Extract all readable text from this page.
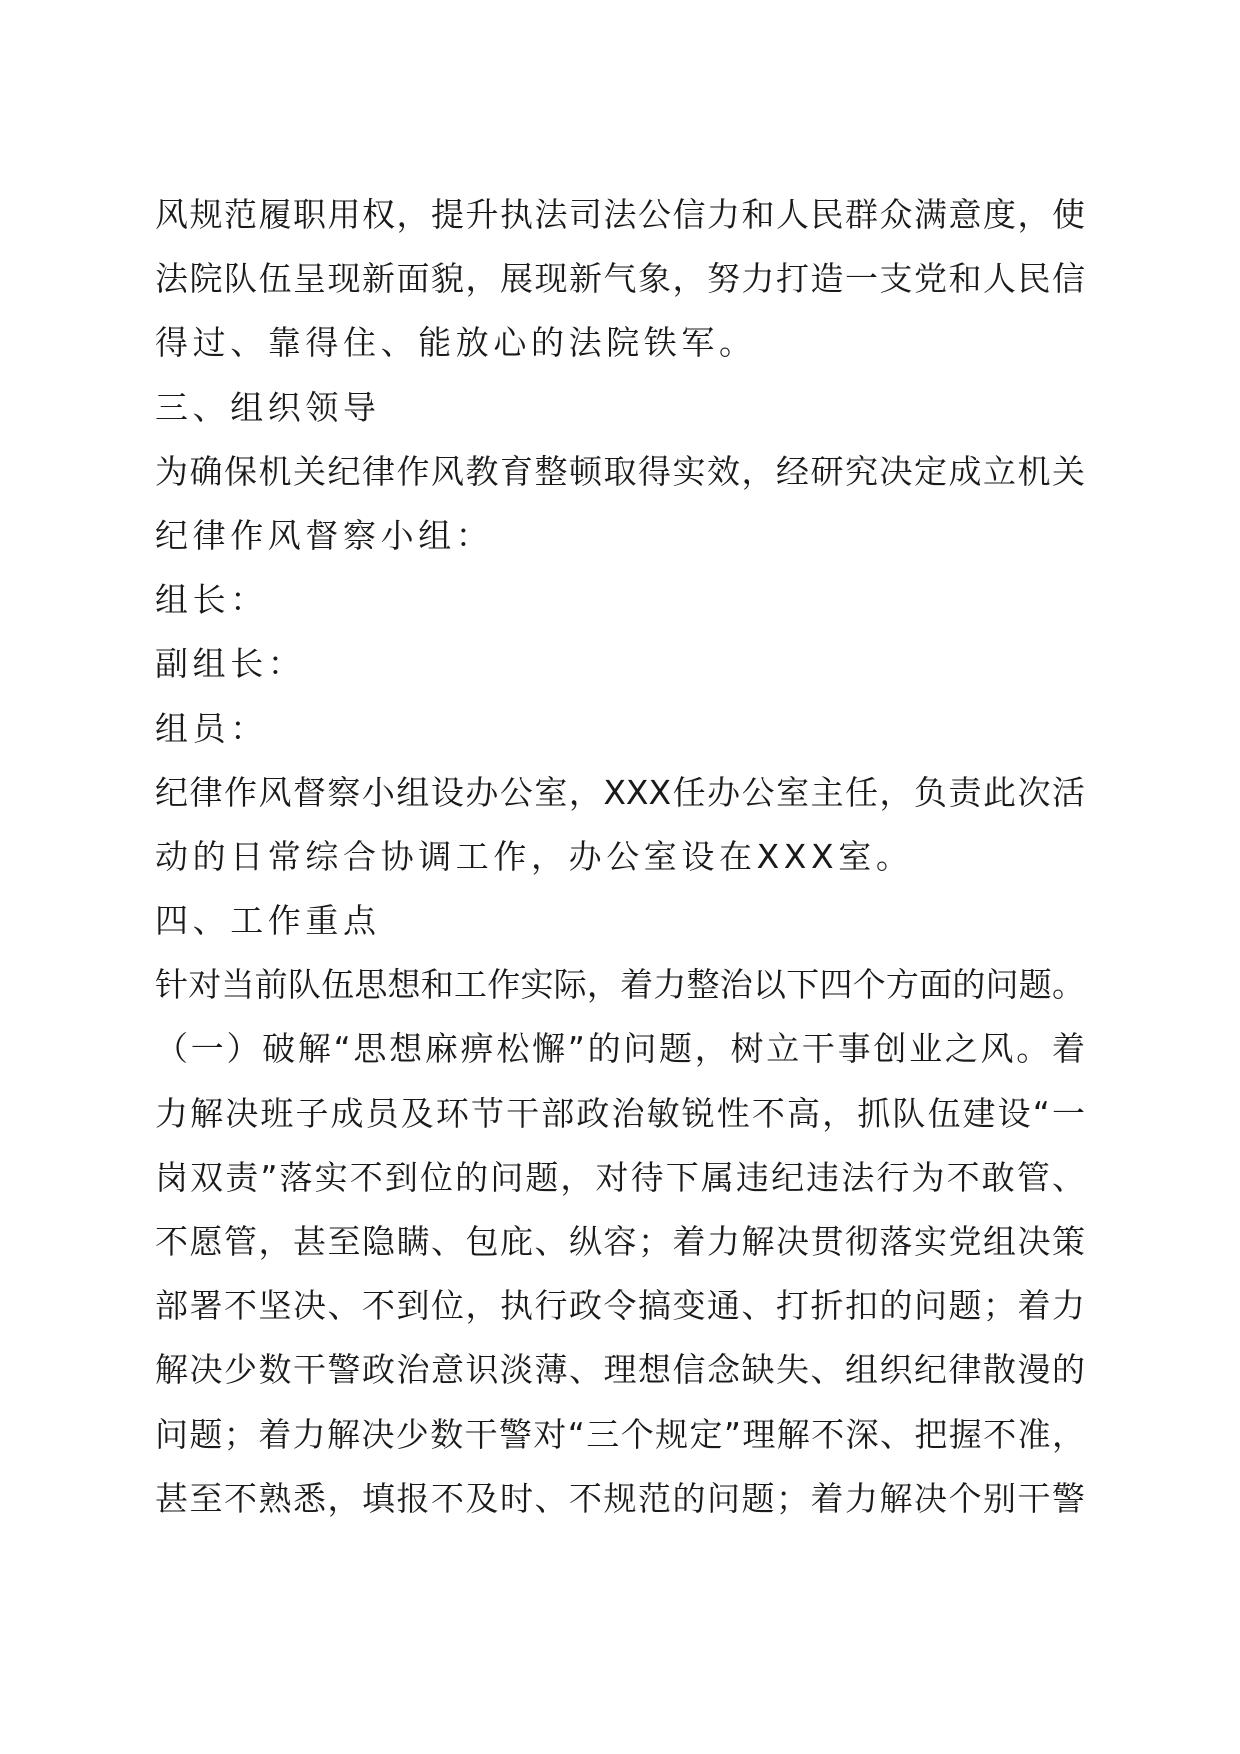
风规范履职用权，提升执法司法公信力和人民群众满意度，使
法院队伍呈现新面貌，展现新气象，努力打造一支党和人民信
得过、靠得住、能放心的法院铁军。
三、组织领导
为确保机关纪律作风教育整顿取得实效，经研究决定成立机关
纪律作风督察小组：
组长：
副组长：
组员：
纪律作风督察小组设办公室，XXX任办公室主任，负责此次活
动的日常综合协调工作，办公室设在XXX室。
四、工作重点
针对当前队伍思想和工作实际，着力整治以下四个方面的问题。
（一）破解“思想麻痹松懈”的问题，树立干事创业之风。着
力解决班子成员及环节干部政治敏锐性不高，抓队伍建设“一
岗双责”落实不到位的问题，对待下属违纪违法行为不敢管、
不愿管，甚至隐瞒、包庇、纵容；着力解决贯彻落实党组决策
部署不坚决、不到位，执行政令搞变通、打折扣的问题；着力
解决少数干警政治意识淡薄、理想信念缺失、组织纪律散漫的
问题；着力解决少数干警对“三个规定”理解不深、把握不准，
甚至不熟悉，填报不及时、不规范的问题；着力解决个别干警
